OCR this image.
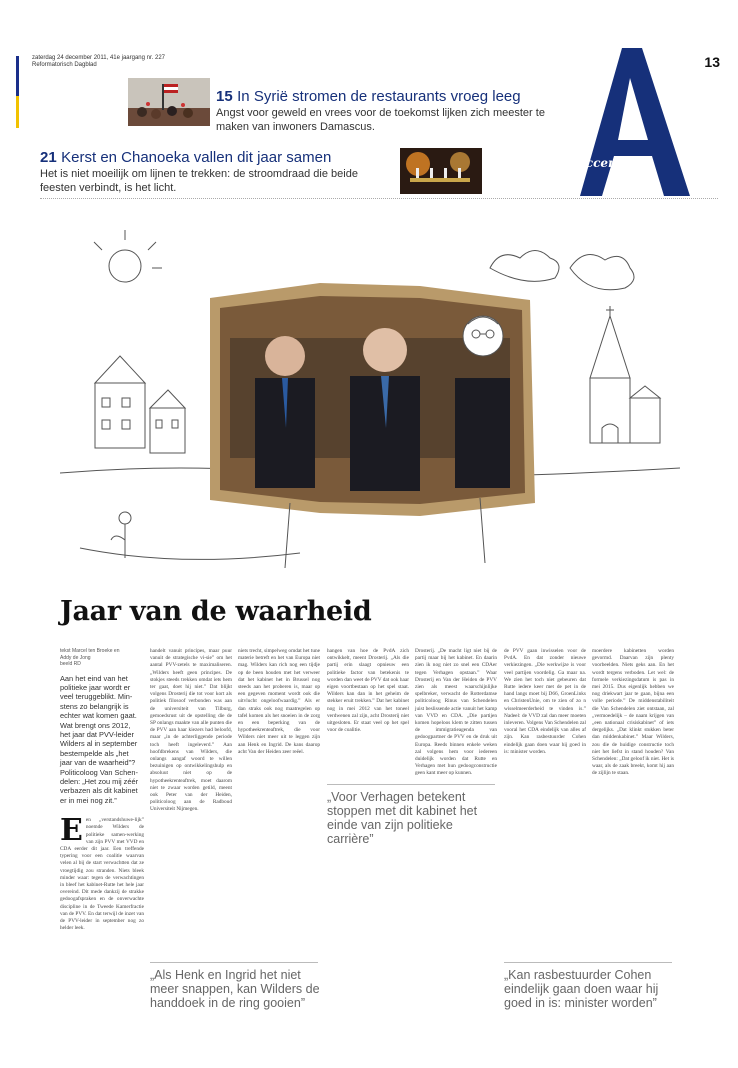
zaterdag 24 december 2011, 41e jaargang nr. 227
Reformatorisch Dagblad	13
15 In Syrië stromen de restaurants vroeg leeg
Angst voor geweld en vrees voor de toekomst lijken zich meester te
maken van inwoners Damascus.
21 Kerst en Chanoeka vallen dit jaar samen
Het is niet moeilijk om lijnen te trekken: de stroomdraad die beide
feesten verbindt, is het licht.
accent
Jaar van de waarheid
tekst Marcel ten Broeke en
Addy de Jong
beeld RD
Aan het eind van het
politieke jaar wordt er
veel teruggeblikt. Min-
stens zo belangrijk is
echter wat komen gaat.
Wat brengt ons 2012,
het jaar dat PVV-leider
Wilders al in september
bestempelde als „het
jaar van de waarheid”?
Politicoloog Van Schen-
delen: „Het zou mij zéér
verbazen als dit kabinet
er in mei nog zit.”
E en „verstandshuwe-lijk” noemde Wilders de politieke samen-werking van zijn PVV met VVD en CDA eerder dit jaar. Een treffende typering voor een coalitie waarvan velen al bij de start verwachtten dat ze vroegtijdig zou stranden. Niets bleek minder waar: tegen de verwachtingen in bleef het kabinet-Rutte het hele jaar overeind. Dit mede dankzij de strakke gedoogafspraken en de onverwachte discipline in de Tweede Kamerfractie van de PVV. En dat terwijl de inzet van de PVV-leider in september nog zo helder leek.

handelt vanuit principes, maar puur vanuit de strategische vi-sie” om het aantal PVV-zetels te maximaliseren. „Wilders heeft geen principes. De stokjes steeds trekken omdat iets hem ter gaat, doet hij niet.” Dat blijkt volgens Drosterij die tot voor kort als politiek filosoof verbonden was aan de universiteit van Tilburg, gemoedsrust uit de opstelling die de SP onlangs maakte van alle punten die de PVV aan haar kiezers had beloofd, maar „in de achterliggende periode toch heeft ingeleverd.” Aan hoofdbrekens van Wilders, die onlangs aangaf woord te willen bezuinigen op ontwikkelingshulp en absoluut niet op de hypotheekrenteaftrek, moet daarom niet te zwaar worden getild, meent ook Peter van der Heiden, politicoloog aan de Radboud Universiteit Nijmegen.

niets trecht, simpelweg omdat het tune materie betreft en het van Europa niet mag. Wilders kan rich nog een tijdje op de been houden met het verweer dat het kabinet het in Brussel nog steeds aan het proberen is, maar op een gegeven moment wordt ook die uitvlucht ongeloofwaardig.” Als er dan straks ook nog maatregelen op tafel komen als het snoeien in de zorg en een beperking van de hypotheekrenteaftrek, die voor Wilders niet meer uit te leggen zijn aan Henk en Ingrid. De kans daarop acht Van der Heiden zeer reëel.

hangen van hoe de PvdA zich ontwikkelt, meent Drosterij. „Als die partij erin slaagt opnieuw een politieke factor van betekenis te worden dan weet de PVV dat ook haar eigen voortbestaan op het spel staat. Wilders kan dan in het geheim de stekker eruit trekken.” Dat het kabinet nog in mei 2012 van het toneel verdwenen zal zijn, acht Drosterij niet uitgesloten. Er staat veel op het spel voor de coalitie.

Drosterij. „De macht ligt niet bij de partij maar bij het kabinet. En daarin zien ik nog niet zo snel een CDAer tegen Verhagen opstaan.” Waar Drosterij en Van der Heiden de PVV zien als meest waarschijnlijke spelbreker, verwacht de Rotterdamse politicoloog Rinus van Schendelen juist beslissende actie vanuit het kamp van VVD en CDA. „Die partijen komen hopeloos klem te zitten tussen de immigratieagenda van gedoogpartner de PVV en de druk uit Europa. Reeds binnen enkele weken zal volgens hem voor iedereen duidelijk worden dat Rutte en Verhagen met hun gedoogconstructie geen kant meer op kunnen.

de PVV gaan inwisselen voor de PvdA. En dat zonder nieuwe verkiezingen. „Die werkwijze is voor veel partijen voordelig. Ga maar na. We zien het toch niet gebeuren dat Rutte iedere keer met de pet in de hand langs moet bij D66, GroenLinks en ChristenUnie, om te zien of zo n wisselmeerderheid te vinden is.” Nadeel: de VVD zal dan meer moeten inleveren. Volgens Van Schendelen zal vooral het CDA eindelijk van alles af zijn. Kan rasbestuurder Cohen eindelijk gaan doen waar hij goed in is: minister worden.

moerdere kabinetten worden gevormd. Daarvan zijn plenty voorbeelden. Niets geks aan. En het wordt tergens verboden. Let wel: de formele verkiezingsdatum is pas in mei 2015. Dus eigenlijk hebben we nog driekwart jaar te gaan, bijna een volle periode.” De middenstabiliteit die Van Schendelen ziet ontstaan, zal „vermoedelijk – de naam krijgen van „een nationaal crisiskabinet” of iets dergelijks. „Dat klinkt stukken beter dan middenkabinet.” Maar Wilders, zou die de huidige constructie toch niet het liefst in stand houden? Van Schendelen: „Dat geloof ik niet. Het is waar, als de zaak breekt, komt hij aan de zijlijn te staan.

„Voor Verhagen betekent stoppen met dit kabinet het einde van zijn politieke carrière”
„Als Henk en Ingrid het niet meer snappen, kan Wilders de handdoek in de ring gooien”
„Kan rasbestuurder Cohen eindelijk gaan doen waar hij goed in is: minister worden”
